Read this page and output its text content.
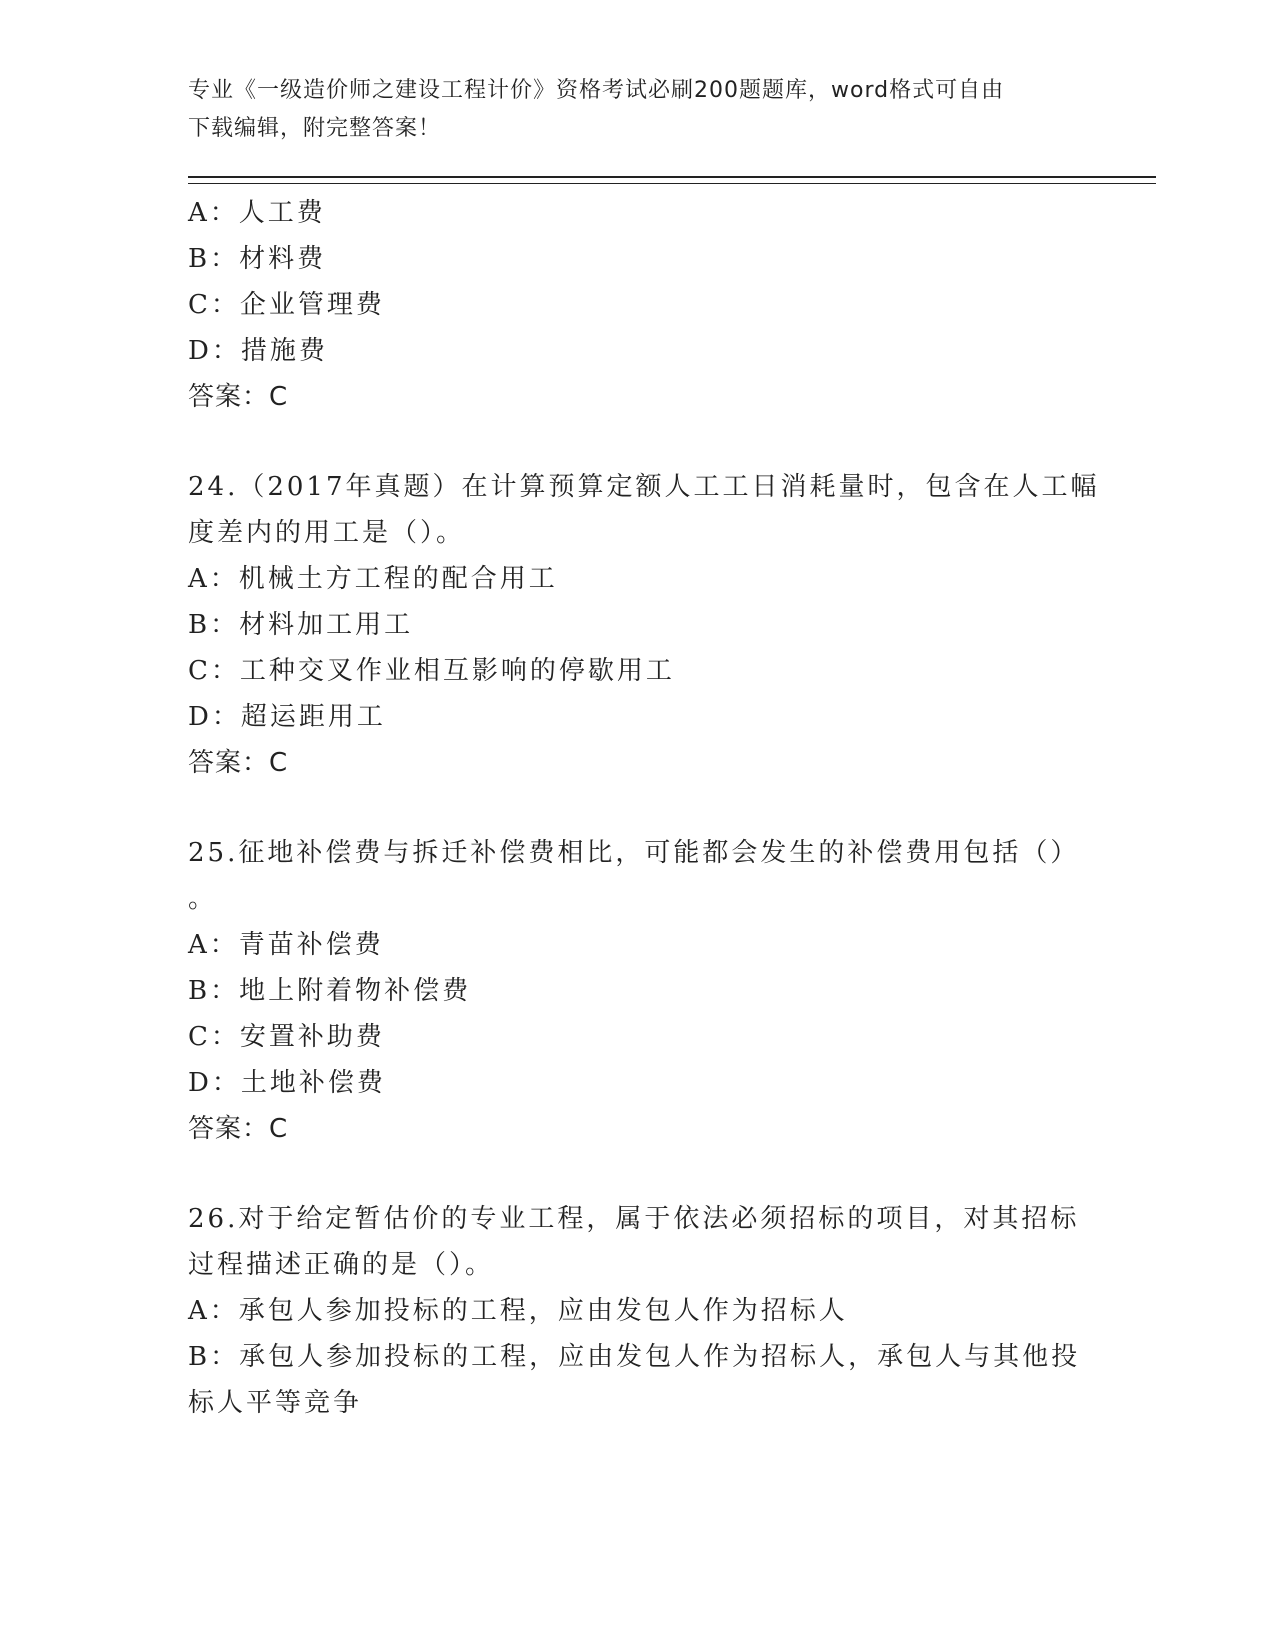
专业《一级造价师之建设工程计价》资格考试必刷200题题库，word格式可自由
下载编辑，附完整答案！
A：人工费
B：材料费
C：企业管理费
D：措施费
答案：C
24.（2017年真题）在计算预算定额人工工日消耗量时，包含在人工幅
度差内的用工是（）。
A：机械土方工程的配合用工
B：材料加工用工
C：工种交叉作业相互影响的停歇用工
D：超运距用工
答案：C
25.征地补偿费与拆迁补偿费相比，可能都会发生的补偿费用包括（）
。
A：青苗补偿费
B：地上附着物补偿费
C：安置补助费
D：土地补偿费
答案：C
26.对于给定暂估价的专业工程，属于依法必须招标的项目，对其招标
过程描述正确的是（）。
A：承包人参加投标的工程，应由发包人作为招标人
B：承包人参加投标的工程，应由发包人作为招标人，承包人与其他投
标人平等竞争
